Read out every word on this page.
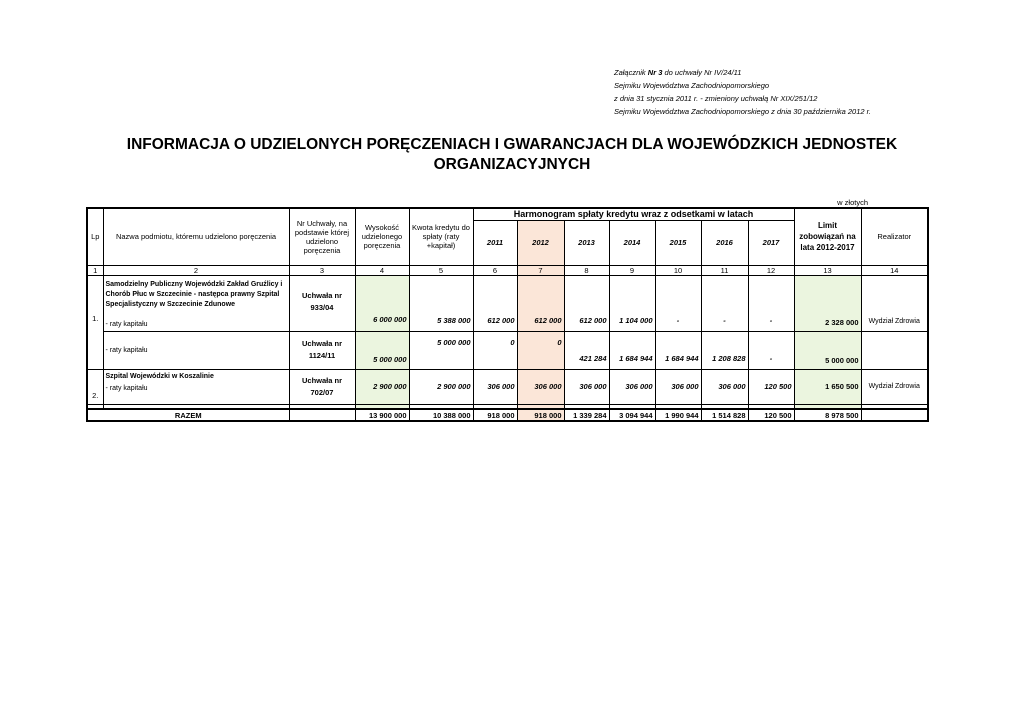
Załącznik Nr 3 do uchwały Nr IV/24/11
Sejmiku Województwa Zachodniopomorskiego
z dnia 31 stycznia 2011 r. - zmieniony uchwałą Nr XIX/251/12
Sejmiku Województwa Zachodniopomorskiego z dnia 30 października 2012 r.
INFORMACJA O UDZIELONYCH PORĘCZENIACH I GWARANCJACH DLA WOJEWÓDZKICH JEDNOSTEK
ORGANIZACYJNYCH
w złotych
Lp	Nazwa podmiotu, któremu udzielono poręczenia	Nr Uchwały, na podstawie której udzielono poręczenia	Wysokość udzielonego poręczenia	Kwota kredytu do spłaty (raty +kapitał)	Harmonogram spłaty kredytu wraz z odsetkami w latach							Limit zobowiązań na lata 2012-2017	Realizator
					2011	2012	2013	2014	2015	2016	2017		
1	2	3	4	5	6	7	8	9	10	11	12	13	14
1.	Samodzielny Publiczny Wojewódzki Zakład Gruźlicy i Chorób Płuc w Szczecinie - następca prawny Szpital Specjalistyczny w Szczecinie Zdunowe
- raty kapitału	Uchwała nr 933/04	6 000 000	5 388 000	612 000	612 000	612 000	1 104 000	-	-	-	2 328 000	Wydział Zdrowia

	- raty kapitału	Uchwała nr 1124/11	5 000 000	5 000 000	0	0	421 284	1 684 944	1 684 944	1 208 828	-	5 000 000	
2.	Szpital Wojewódzki w Koszalinie
- raty kapitału	Uchwała nr 702/07	2 900 000	2 900 000	306 000	306 000	306 000	306 000	306 000	306 000	120 500	1 650 500	Wydział Zdrowia

RAZEM			13 900 000	10 388 000	918 000	918 000	1 339 284	3 094 944	1 990 944	1 514 828	120 500	8 978 500	
